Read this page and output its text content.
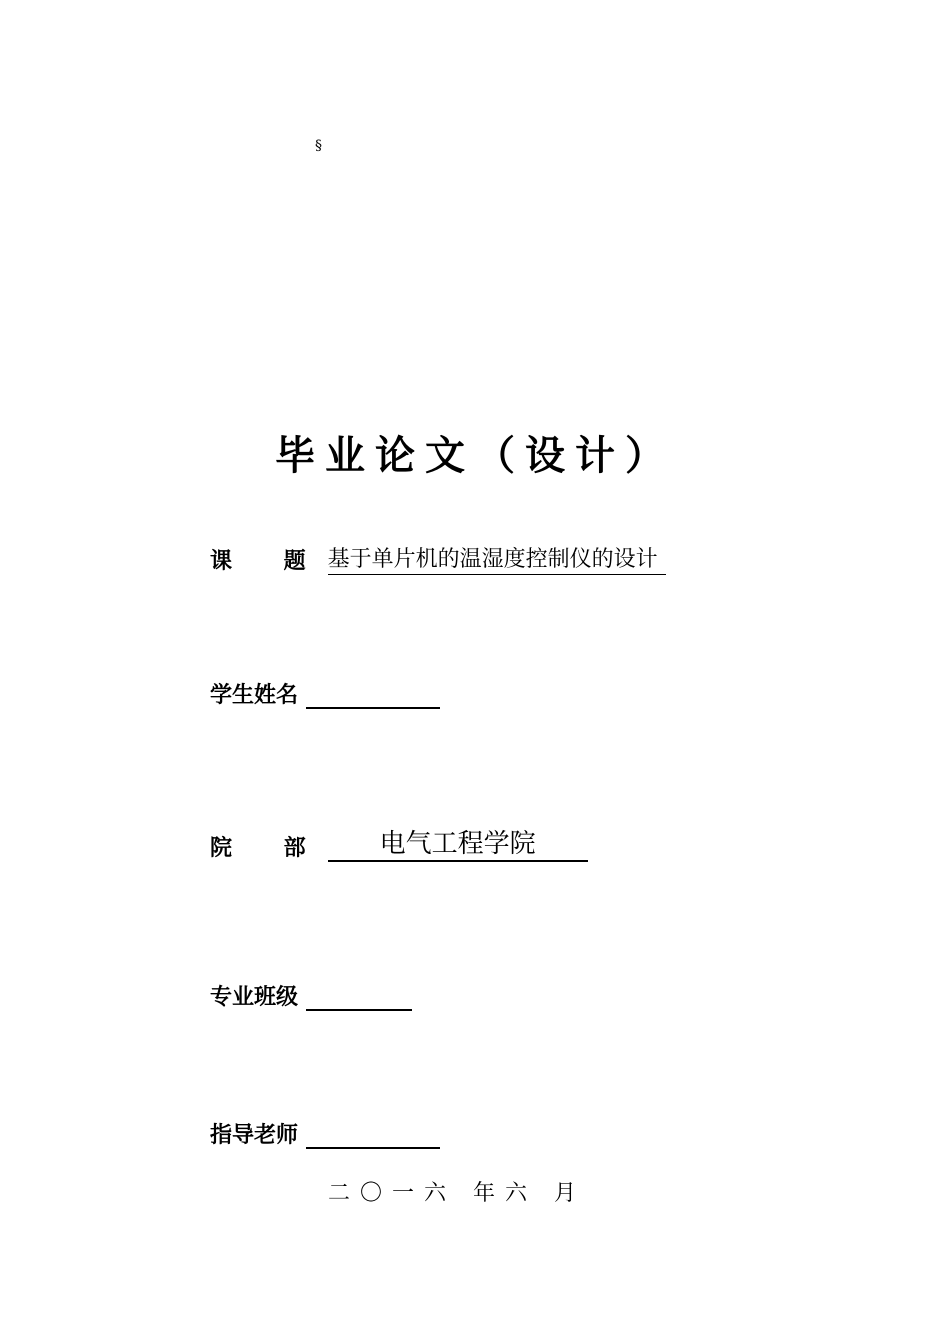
§
毕业论文（设计）
课 题 基于单片机的温湿度控制仪的设计
学生姓名
院 部	电气工程学院
专业班级
指导老师
二〇一六 年六 月
